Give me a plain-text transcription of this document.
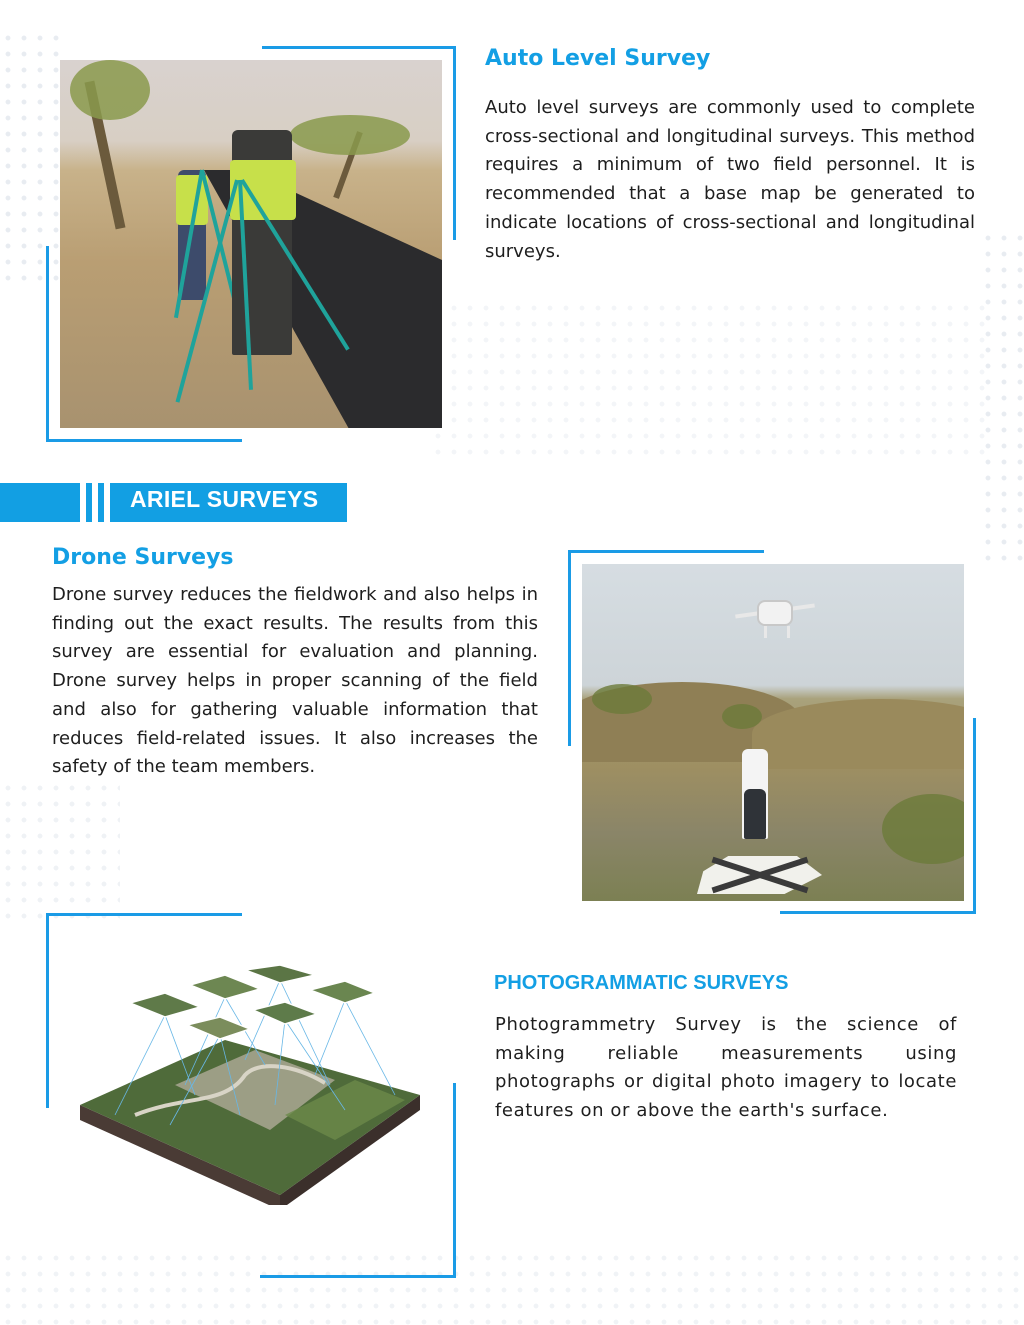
Auto Level Survey
Auto level surveys are commonly used to complete cross-sectional and longitudinal surveys. This method requires a minimum of two field personnel. It is recommended that a base map be generated to indicate locations of cross-sectional and longitudinal surveys.
ARIEL SURVEYS
Drone Surveys
Drone survey reduces the fieldwork and also helps in finding out the exact results. The results from this survey are essential for evaluation and planning. Drone survey helps in proper scanning of the field and also for gathering valuable information that reduces field-related issues. It also increases the safety of the team members.
PHOTOGRAMMATIC SURVEYS
Photogrammetry Survey is the science of making reliable measurements using photographs or digital photo imagery to locate features on or above the earth's surface.
